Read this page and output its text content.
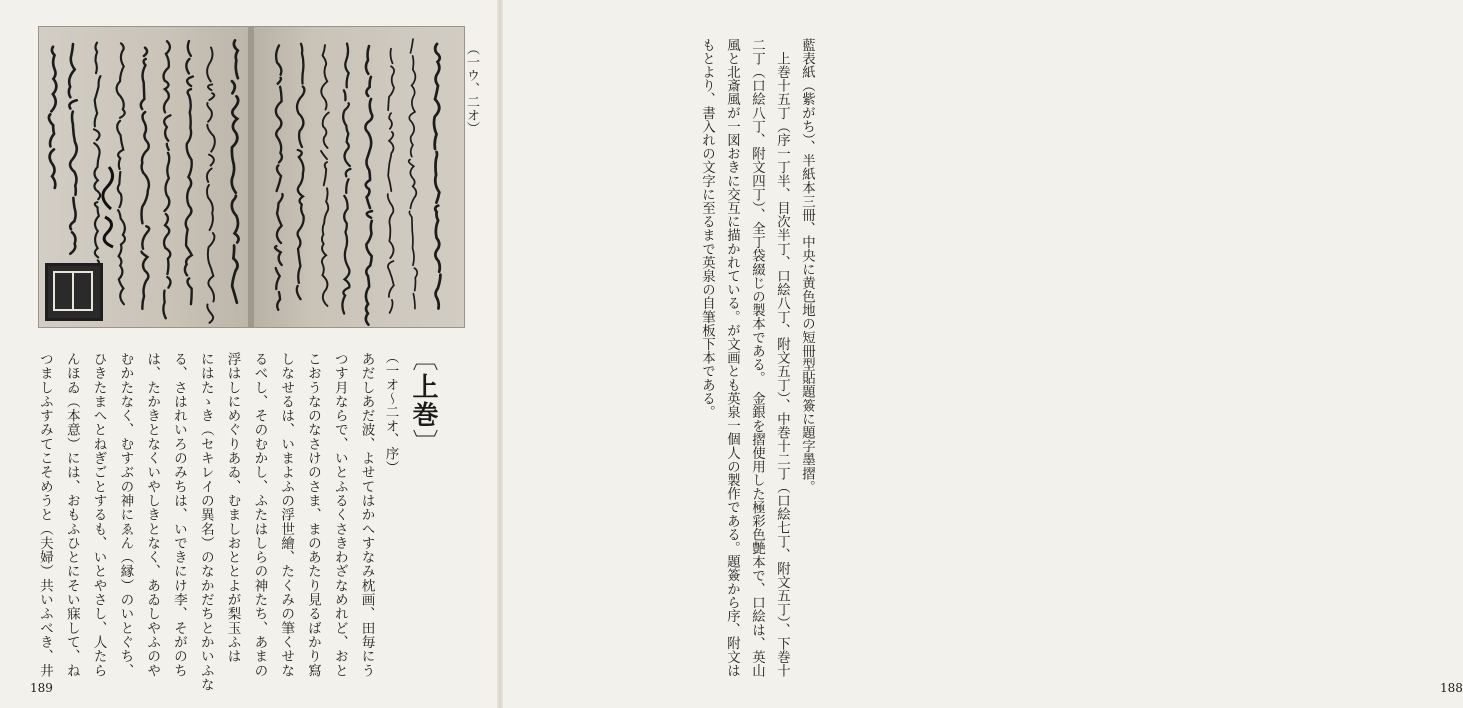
（一ウ、二オ）
〔上巻〕
（一オ〜二オ、序）
あだしあだ波、よせてはかへすなみ枕画、田毎にう
つす月ならで、いとふるくさきわざなめれど、おと
こおうなのなさけのさま、まのあたり見るばかり寫
しなせるは、いまよふの浮世繪、たくみの筆くせな
るべし、そのむかし、ふたはしらの神たち、あまの
浮はしにめぐりあゐ、むましおととよが梨玉ふは
にはたゝき（セキレイの異名）のなかだちとかいふな
る、さはれいろのみちは、いできにけ李、そがのち
は、たかきとなくいやしきとなく、あゐしやふのや
むかたなく、むすぶの神にゑん（縁）のいとぐち、
ひきたまへとねぎごとするも、いとやさし、人たら
んほゐ（本意）には、おもふひとにそい寐して、ね
つましふすみてこそめうと（夫婦）共いふべき、井
189
藍表紙（紫がち）、半紙本三冊、中央に黄色地の短冊型貼題簽に題字墨摺。
　上巻十五丁（序一丁半、目次半丁、口絵八丁、附文五丁）、中巻十二丁（口絵七丁、附文五丁）、下巻十
二丁（口絵八丁、附文四丁）、全丁袋綴じの製本である。　金銀を摺使用した極彩色艶本で、口絵は、英山
風と北斎風が一図おきに交互に描かれている。が文画とも英泉一個人の製作である。題簽から序、附文は
もとより、書入れの文字に至るまで英泉の自筆板下本である。
188
